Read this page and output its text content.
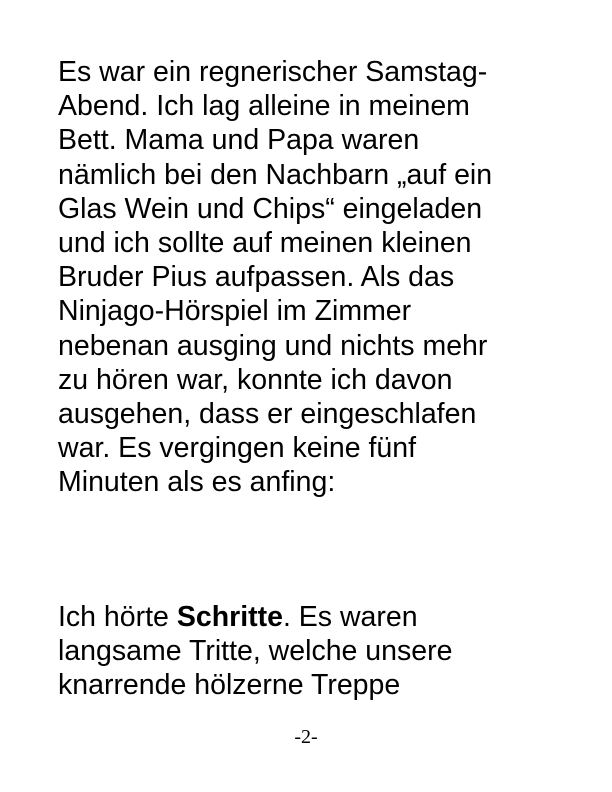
Es war ein regnerischer Samstag-
Abend. Ich lag alleine in meinem
Bett. Mama und Papa waren
nämlich bei den Nachbarn „auf ein
Glas Wein und Chips“ eingeladen
und ich sollte auf meinen kleinen
Bruder Pius aufpassen. Als das
Ninjago-Hörspiel im Zimmer
nebenan ausging und nichts mehr
zu hören war, konnte ich davon
ausgehen, dass er eingeschlafen
war. Es vergingen keine fünf
Minuten als es anfing:

Ich hörte Schritte. Es waren
langsame Tritte, welche unsere
knarrende hölzerne Treppe

-2-
